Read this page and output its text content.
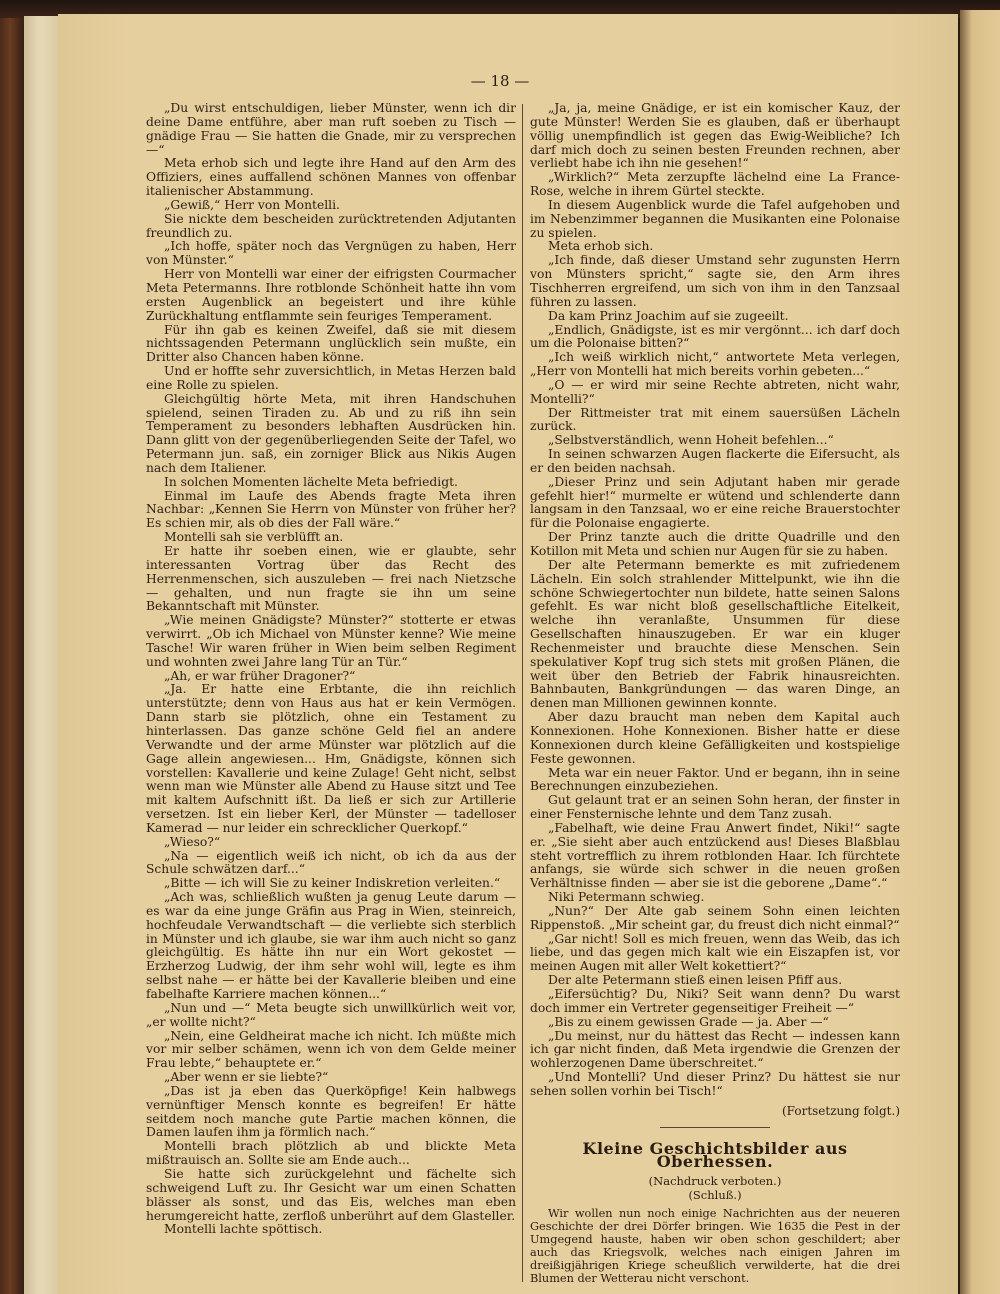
— 18 —

„Du wirst entschuldigen, lieber Münster, wenn ich dir deine Dame entführe, aber man ruft soeben zu Tisch — gnädige Frau — Sie hatten die Gnade, mir zu versprechen —“

Meta erhob sich und legte ihre Hand auf den Arm des Offiziers, eines auffallend schönen Mannes von offenbar italienischer Abstammung.

„Gewiß,“ Herr von Montelli.

Sie nickte dem bescheiden zurücktretenden Adjutanten freundlich zu.

„Ich hoffe, später noch das Vergnügen zu haben, Herr von Münster.“

Herr von Montelli war einer der eifrigsten Courmacher Meta Petermanns. Ihre rotblonde Schönheit hatte ihn vom ersten Augenblick an begeistert und ihre kühle Zurückhaltung entflammte sein feuriges Temperament.

Für ihn gab es keinen Zweifel, daß sie mit diesem nichtssagenden Petermann unglücklich sein mußte, ein Dritter also Chancen haben könne.

Und er hoffte sehr zuversichtlich, in Metas Herzen bald eine Rolle zu spielen.

Gleichgültig hörte Meta, mit ihren Handschuhen spielend, seinen Tiraden zu. Ab und zu riß ihn sein Temperament zu besonders lebhaften Ausdrücken hin. Dann glitt von der gegenüberliegenden Seite der Tafel, wo Petermann jun. saß, ein zorniger Blick aus Nikis Augen nach dem Italiener.

In solchen Momenten lächelte Meta befriedigt.

Einmal im Laufe des Abends fragte Meta ihren Nachbar: „Kennen Sie Herrn von Münster von früher her? Es schien mir, als ob dies der Fall wäre.“

Montelli sah sie verblüfft an.

Er hatte ihr soeben einen, wie er glaubte, sehr interessanten Vortrag über das Recht des Herrenmenschen, sich auszuleben — frei nach Nietzsche — gehalten, und nun fragte sie ihn um seine Bekanntschaft mit Münster.

„Wie meinen Gnädigste? Münster?“ stotterte er etwas verwirrt. „Ob ich Michael von Münster kenne? Wie meine Tasche! Wir waren früher in Wien beim selben Regiment und wohnten zwei Jahre lang Tür an Tür.“

„Ah, er war früher Dragoner?“

„Ja. Er hatte eine Erbtante, die ihn reichlich unterstützte; denn von Haus aus hat er kein Vermögen. Dann starb sie plötzlich, ohne ein Testament zu hinterlassen. Das ganze schöne Geld fiel an andere Verwandte und der arme Münster war plötzlich auf die Gage allein angewiesen... Hm, Gnädigste, können sich vorstellen: Kavallerie und keine Zulage! Geht nicht, selbst wenn man wie Münster alle Abend zu Hause sitzt und Tee mit kaltem Aufschnitt ißt. Da ließ er sich zur Artillerie versetzen. Ist ein lieber Kerl, der Münster — tadelloser Kamerad — nur leider ein schrecklicher Querkopf.“

„Wieso?“

„Na — eigentlich weiß ich nicht, ob ich da aus der Schule schwätzen darf...“

„Bitte — ich will Sie zu keiner Indiskretion verleiten.“

„Ach was, schließlich wußten ja genug Leute darum — es war da eine junge Gräfin aus Prag in Wien, steinreich, hochfeudale Verwandtschaft — die verliebte sich sterblich in Münster und ich glaube, sie war ihm auch nicht so ganz gleichgültig. Es hätte ihn nur ein Wort gekostet — Erzherzog Ludwig, der ihm sehr wohl will, legte es ihm selbst nahe — er hätte bei der Kavallerie bleiben und eine fabelhafte Karriere machen können...“

„Nun und —“ Meta beugte sich unwillkürlich weit vor, „er wollte nicht?“

„Nein, eine Geldheirat mache ich nicht. Ich müßte mich vor mir selber schämen, wenn ich von dem Gelde meiner Frau lebte,“ behauptete er.“

„Aber wenn er sie liebte?“

„Das ist ja eben das Querköpfige! Kein halbwegs vernünftiger Mensch konnte es begreifen! Er hätte seitdem noch manche gute Partie machen können, die Damen laufen ihm ja förmlich nach.“

Montelli brach plötzlich ab und blickte Meta mißtrauisch an. Sollte sie am Ende auch...

Sie hatte sich zurückgelehnt und fächelte sich schweigend Luft zu. Ihr Gesicht war um einen Schatten blässer als sonst, und das Eis, welches man eben herumgereicht hatte, zerfloß unberührt auf dem Glasteller.

Montelli lachte spöttisch.

„Ja, ja, meine Gnädige, er ist ein komischer Kauz, der gute Münster! Werden Sie es glauben, daß er überhaupt völlig unempfindlich ist gegen das Ewig-Weibliche? Ich darf mich doch zu seinen besten Freunden rechnen, aber verliebt habe ich ihn nie gesehen!“

„Wirklich?“ Meta zerzupfte lächelnd eine La France-Rose, welche in ihrem Gürtel steckte.

In diesem Augenblick wurde die Tafel aufgehoben und im Nebenzimmer begannen die Musikanten eine Polonaise zu spielen.

Meta erhob sich.

„Ich finde, daß dieser Umstand sehr zugunsten Herrn von Münsters spricht,“ sagte sie, den Arm ihres Tischherren ergreifend, um sich von ihm in den Tanzsaal führen zu lassen.

Da kam Prinz Joachim auf sie zugeeilt.

„Endlich, Gnädigste, ist es mir vergönnt... ich darf doch um die Polonaise bitten?“

„Ich weiß wirklich nicht,“ antwortete Meta verlegen, „Herr von Montelli hat mich bereits vorhin gebeten...“

„O — er wird mir seine Rechte abtreten, nicht wahr, Montelli?“

Der Rittmeister trat mit einem sauersüßen Lächeln zurück.

„Selbstverständlich, wenn Hoheit befehlen...“

In seinen schwarzen Augen flackerte die Eifersucht, als er den beiden nachsah.

„Dieser Prinz und sein Adjutant haben mir gerade gefehlt hier!“ murmelte er wütend und schlenderte dann langsam in den Tanzsaal, wo er eine reiche Brauerstochter für die Polonaise engagierte.

Der Prinz tanzte auch die dritte Quadrille und den Kotillon mit Meta und schien nur Augen für sie zu haben.

Der alte Petermann bemerkte es mit zufriedenem Lächeln. Ein solch strahlender Mittelpunkt, wie ihn die schöne Schwiegertochter nun bildete, hatte seinen Salons gefehlt. Es war nicht bloß gesellschaftliche Eitelkeit, welche ihn veranlaßte, Unsummen für diese Gesellschaften hinauszugeben. Er war ein kluger Rechenmeister und brauchte diese Menschen. Sein spekulativer Kopf trug sich stets mit großen Plänen, die weit über den Betrieb der Fabrik hinausreichten. Bahnbauten, Bankgründungen — das waren Dinge, an denen man Millionen gewinnen konnte.

Aber dazu braucht man neben dem Kapital auch Konnexionen. Hohe Konnexionen. Bisher hatte er diese Konnexionen durch kleine Gefälligkeiten und kostspielige Feste gewonnen.

Meta war ein neuer Faktor. Und er begann, ihn in seine Berechnungen einzubeziehen.

Gut gelaunt trat er an seinen Sohn heran, der finster in einer Fensternische lehnte und dem Tanz zusah.

„Fabelhaft, wie deine Frau Anwert findet, Niki!“ sagte er. „Sie sieht aber auch entzückend aus! Dieses Blaßblau steht vortrefflich zu ihrem rotblonden Haar. Ich fürchtete anfangs, sie würde sich schwer in die neuen großen Verhältnisse finden — aber sie ist die geborene „Dame“.“

Niki Petermann schwieg.

„Nun?“ Der Alte gab seinem Sohn einen leichten Rippenstoß. „Mir scheint gar, du freust dich nicht einmal?“

„Gar nicht! Soll es mich freuen, wenn das Weib, das ich liebe, und das gegen mich kalt wie ein Eiszapfen ist, vor meinen Augen mit aller Welt kokettiert?“

Der alte Petermann stieß einen leisen Pfiff aus.

„Eifersüchtig? Du, Niki? Seit wann denn? Du warst doch immer ein Vertreter gegenseitiger Freiheit —“

„Bis zu einem gewissen Grade — ja. Aber —“

„Du meinst, nur du hättest das Recht — indessen kann ich gar nicht finden, daß Meta irgendwie die Grenzen der wohlerzogenen Dame überschreitet.“

„Und Montelli? Und dieser Prinz? Du hättest sie nur sehen sollen vorhin bei Tisch!“

(Fortsetzung folgt.)

Kleine Geschichtsbilder aus Oberhessen.

(Nachdruck verboten.)

(Schluß.)

Wir wollen nun noch einige Nachrichten aus der neueren Geschichte der drei Dörfer bringen. Wie 1635 die Pest in der Umgegend hauste, haben wir oben schon geschildert; aber auch das Kriegsvolk, welches nach einigen Jahren im dreißigjährigen Kriege scheußlich verwilderte, hat die drei Blumen der Wetterau nicht verschont.
